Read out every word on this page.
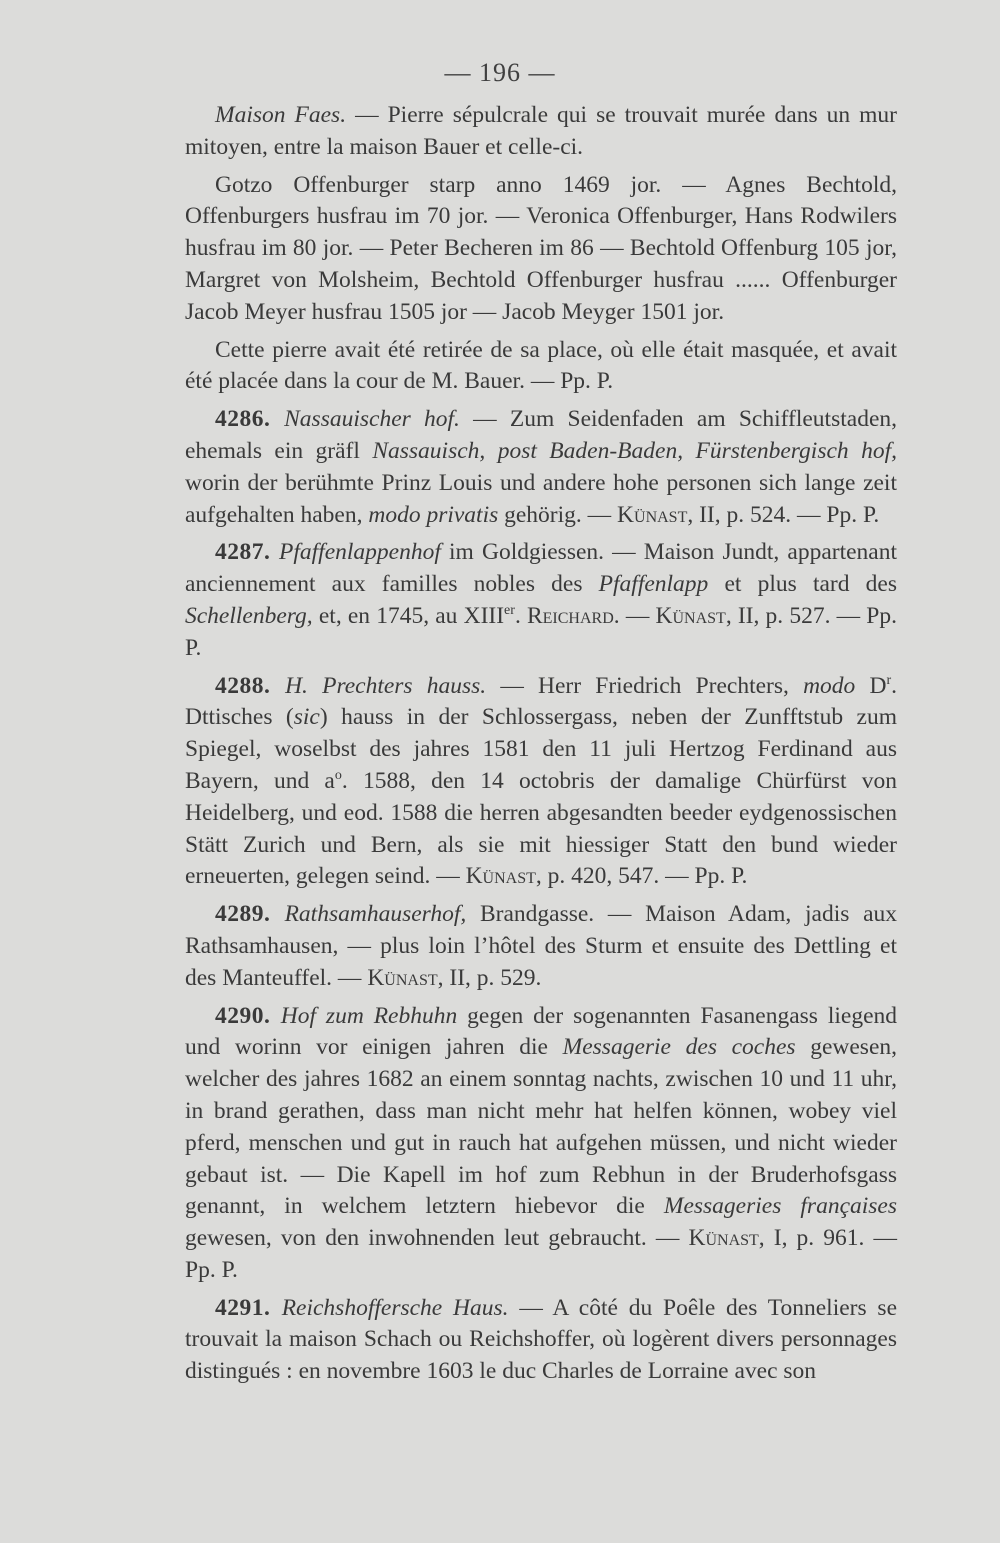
— 196 —

Maison Faes. — Pierre sépulcrale qui se trouvait murée dans un mur mitoyen, entre la maison Bauer et celle-ci.

Gotzo Offenburger starp anno 1469 jor. — Agnes Bechtold, Offenburgers husfrau im 70 jor. — Veronica Offenburger, Hans Rodwilers husfrau im 80 jor. — Peter Becheren im 86 — Bechtold Offenburg 105 jor, Margret von Molsheim, Bechtold Offenburger husfrau ...... Offenburger Jacob Meyer husfrau 1505 jor — Jacob Meyger 1501 jor.

Cette pierre avait été retirée de sa place, où elle était masquée, et avait été placée dans la cour de M. Bauer. — Pp. P.

4286. Nassauischer hof. — Zum Seidenfaden am Schiffleutstaden, ehemals ein gräfl Nassauisch, post Baden-Baden, Fürstenbergisch hof, worin der berühmte Prinz Louis und andere hohe personen sich lange zeit aufgehalten haben, modo privatis gehörig. — Künast, II, p. 524. — Pp. P.

4287. Pfaffenlappenhof im Goldgiessen. — Maison Jundt, appartenant anciennement aux familles nobles des Pfaffenlapp et plus tard des Schellenberg, et, en 1745, au XIIIer. Reichard. — Künast, II, p. 527. — Pp. P.

4288. H. Prechters hauss. — Herr Friedrich Prechters, modo $D^r$. Dttisches (sic) hauss in der Schlossergass, neben der Zunfftstub zum Spiegel, woselbst des jahres 1581 den 11 juli Hertzog Ferdinand aus Bayern, und $a^o$. 1588, den 14 octobris der damalige Chürfürst von Heidelberg, und eod. 1588 die herren abgesandten beeder eydgenossischen Stätt Zurich und Bern, als sie mit hiessiger Statt den bund wieder erneuerten, gelegen seind. — Künast, p. 420, 547. — Pp. P.

4289. Rathsamhauserhof, Brandgasse. — Maison Adam, jadis aux Rathsamhausen, — plus loin l’hôtel des Sturm et ensuite des Dettling et des Manteuffel. — Künast, II, p. 529.

4290. Hof zum Rebhuhn gegen der sogenannten Fasanengass liegend und worinn vor einigen jahren die Messagerie des coches gewesen, welcher des jahres 1682 an einem sonntag nachts, zwischen 10 und 11 uhr, in brand gerathen, dass man nicht mehr hat helfen können, wobey viel pferd, menschen und gut in rauch hat aufgehen müssen, und nicht wieder gebaut ist. — Die Kapell im hof zum Rebhun in der Bruderhofsgass genannt, in welchem letztern hiebevor die Messageries françaises gewesen, von den inwohnenden leut gebraucht. — Künast, I, p. 961. — Pp. P.

4291. Reichshoffersche Haus. — A côté du Poêle des Tonneliers se trouvait la maison Schach ou Reichshoffer, où logèrent divers personnages distingués : en novembre 1603 le duc Charles de Lorraine avec son
